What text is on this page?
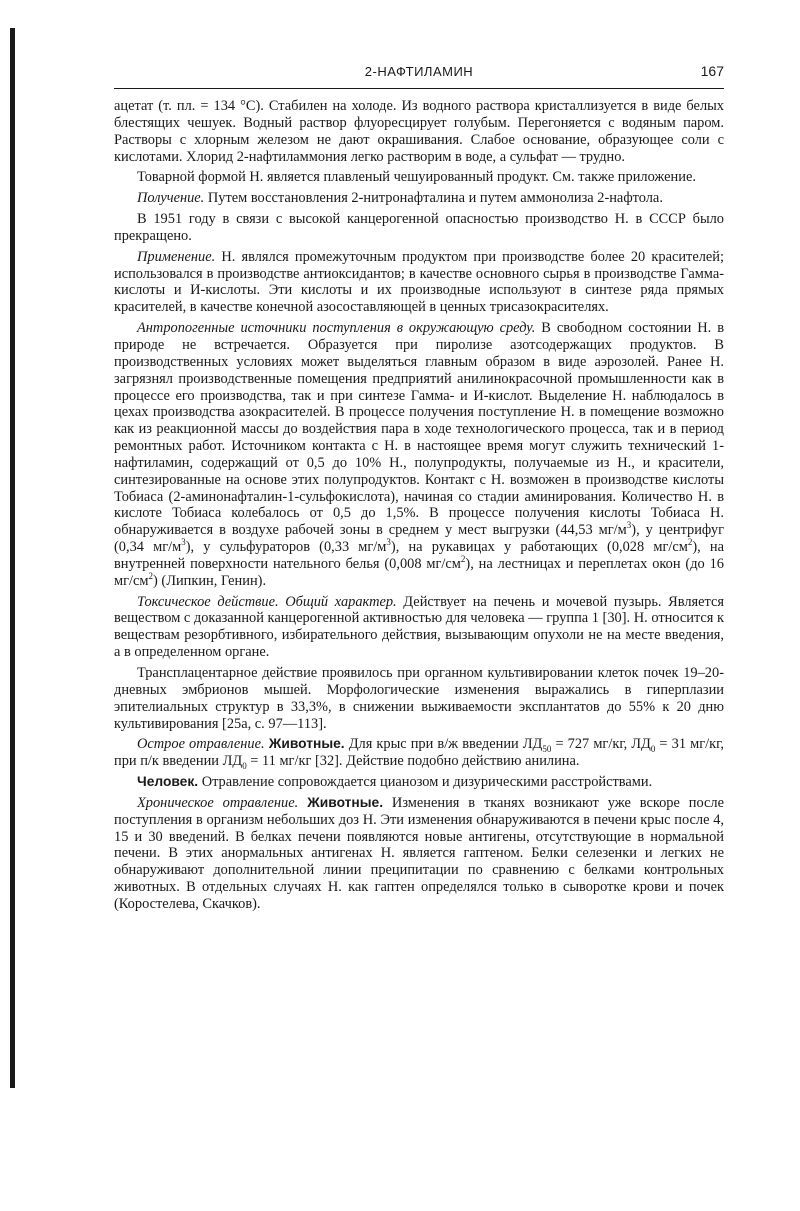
2-НАФТИЛАМИН	167

ацетат (т. пл. = 134 °С). Стабилен на холоде. Из водного раствора кристаллизуется в виде белых блестящих чешуек. Водный раствор флуоресцирует голубым. Перегоняется с водяным паром. Растворы с хлорным железом не дают окрашивания. Слабое основание, образующее соли с кислотами. Хлорид 2-нафтиламмония легко растворим в воде, а сульфат — трудно.

Товарной формой Н. является плавленый чешуированный продукт. См. также приложение.

Получение. Путем восстановления 2-нитронафталина и путем аммонолиза 2-нафтола.

В 1951 году в связи с высокой канцерогенной опасностью производство Н. в СССР было прекращено.

Применение. Н. являлся промежуточным продуктом при производстве более 20 красителей; использовался в производстве антиоксидантов; в качестве основного сырья в производстве Гамма-кислоты и И-кислоты. Эти кислоты и их производные используют в синтезе ряда прямых красителей, в качестве конечной азосоставляющей в ценных трисазокрасителях.

Антропогенные источники поступления в окружающую среду. В свободном состоянии Н. в природе не встречается. Образуется при пиролизе азотсодержащих продуктов. В производственных условиях может выделяться главным образом в виде аэрозолей. Ранее Н. загрязнял производственные помещения предприятий анилинокрасочной промышленности как в процессе его производства, так и при синтезе Гамма- и И-кислот. Выделение Н. наблюдалось в цехах производства азокрасителей. В процессе получения поступление Н. в помещение возможно как из реакционной массы до воздействия пара в ходе технологического процесса, так и в период ремонтных работ. Источником контакта с Н. в настоящее время могут служить технический 1-нафтиламин, содержащий от 0,5 до 10% Н., полупродукты, получаемые из Н., и красители, синтезированные на основе этих полупродуктов. Контакт с Н. возможен в производстве кислоты Тобиаса (2-аминонафталин-1-сульфокислота), начиная со стадии аминирования. Количество Н. в кислоте Тобиаса колебалось от 0,5 до 1,5%. В процессе получения кислоты Тобиаса Н. обнаруживается в воздухе рабочей зоны в среднем у мест выгрузки (44,53 $мг/м^3$), у центрифуг (0,34 $мг/м^3$), у сульфураторов (0,33 $мг/м^3$), на рукавицах у работающих (0,028 $мг/см^2$), на внутренней поверхности нательного белья (0,008 $мг/см^2$), на лестницах и переплетах окон (до 16 $мг/см^2$) (Липкин, Генин).

Токсическое действие. Общий характер. Действует на печень и мочевой пузырь. Является веществом с доказанной канцерогенной активностью для человека — группа 1 [30]. Н. относится к веществам резорбтивного, избирательного действия, вызывающим опухоли не на месте введения, а в определенном органе.

Трансплацентарное действие проявилось при органном культивировании клеток почек 19–20-дневных эмбрионов мышей. Морфологические изменения выражались в гиперплазии эпителиальных структур в 33,3%, в снижении выживаемости эксплантатов до 55% к 20 дню культивирования [25а, с. 97—113].

Острое отравление. Животные. Для крыс при в/ж введении $ЛД_{50} = 727$ мг/кг, $ЛД_0 = 31$ мг/кг, при п/к введении $ЛД_0 = 11$ мг/кг [32]. Действие подобно действию анилина.

Человек. Отравление сопровождается цианозом и дизурическими расстройствами.

Хроническое отравление. Животные. Изменения в тканях возникают уже вскоре после поступления в организм небольших доз Н. Эти изменения обнаруживаются в печени крыс после 4, 15 и 30 введений. В белках печени появляются новые антигены, отсутствующие в нормальной печени. В этих анормальных антигенах Н. является гаптеном. Белки селезенки и легких не обнаруживают дополнительной линии преципитации по сравнению с белками контрольных животных. В отдельных случаях Н. как гаптен определялся только в сыворотке крови и почек (Коростелева, Скачков).
